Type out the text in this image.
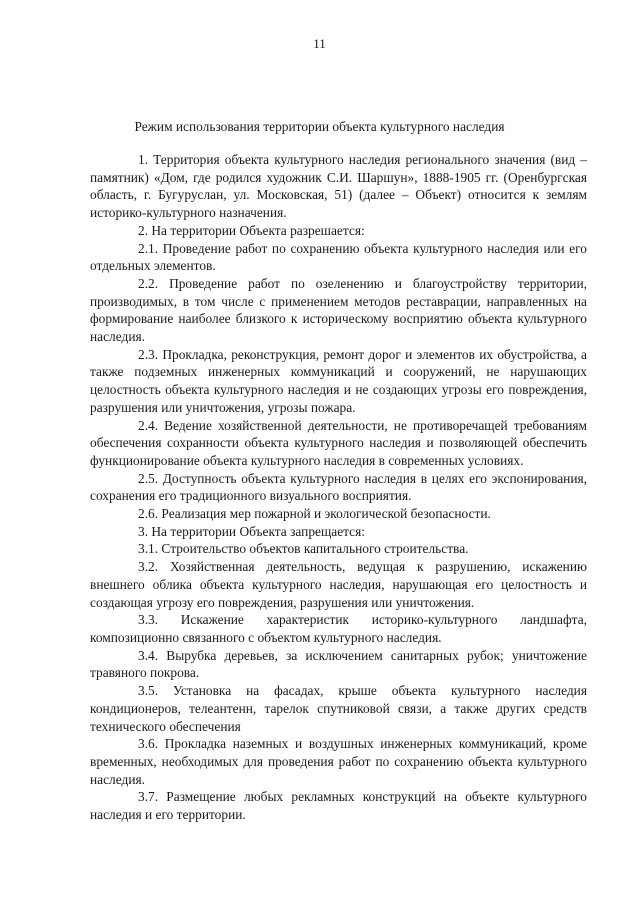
11
Режим использования территории объекта культурного наследия

1. Территория объекта культурного наследия регионального значения (вид – памятник) «Дом, где родился художник С.И. Шаршун», 1888-1905 гг. (Оренбургская область, г. Бугуруслан, ул. Московская, 51) (далее – Объект) относится к землям историко-культурного назначения.

2. На территории Объекта разрешается:

2.1. Проведение работ по сохранению объекта культурного наследия или его отдельных элементов.

2.2. Проведение работ по озеленению и благоустройству территории, производимых, в том числе с применением методов реставрации, направленных на формирование наиболее близкого к историческому восприятию объекта культурного наследия.

2.3. Прокладка, реконструкция, ремонт дорог и элементов их обустройства, а также подземных инженерных коммуникаций и сооружений, не нарушающих целостность объекта культурного наследия и не создающих угрозы его повреждения, разрушения или уничтожения, угрозы пожара.

2.4. Ведение хозяйственной деятельности, не противоречащей требованиям обеспечения сохранности объекта культурного наследия и позволяющей обеспечить функционирование объекта культурного наследия в современных условиях.

2.5. Доступность объекта культурного наследия в целях его экспонирования, сохранения его традиционного визуального восприятия.

2.6. Реализация мер пожарной и экологической безопасности.

3. На территории Объекта запрещается:

3.1. Строительство объектов капитального строительства.

3.2. Хозяйственная деятельность, ведущая к разрушению, искажению внешнего облика объекта культурного наследия, нарушающая его целостность и создающая угрозу его повреждения, разрушения или уничтожения.

3.3. Искажение характеристик историко-культурного ландшафта, композиционно связанного с объектом культурного наследия.

3.4. Вырубка деревьев, за исключением санитарных рубок; уничтожение травяного покрова.

3.5. Установка на фасадах, крыше объекта культурного наследия кондиционеров, телеантенн, тарелок спутниковой связи, а также других средств технического обеспечения

3.6. Прокладка наземных и воздушных инженерных коммуникаций, кроме временных, необходимых для проведения работ по сохранению объекта культурного наследия.

3.7. Размещение любых рекламных конструкций на объекте культурного наследия и его территории.
